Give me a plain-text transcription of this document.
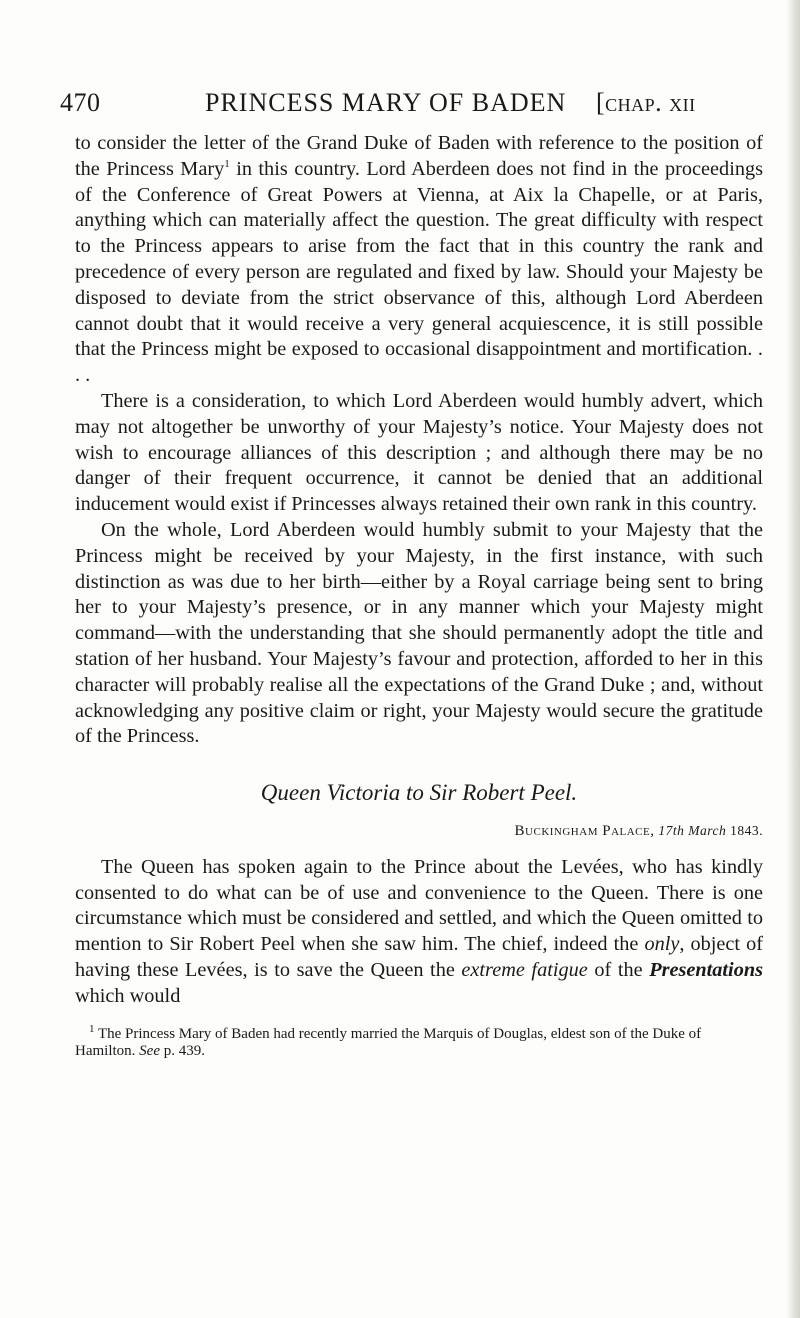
470	PRINCESS MARY OF BADEN [chap. xii

to consider the letter of the Grand Duke of Baden with reference to the position of the Princess Mary$^1$ in this country. Lord Aberdeen does not find in the proceedings of the Conference of Great Powers at Vienna, at Aix la Chapelle, or at Paris, anything which can materially affect the question. The great difficulty with respect to the Princess appears to arise from the fact that in this country the rank and precedence of every person are regulated and fixed by law. Should your Majesty be disposed to deviate from the strict observance of this, although Lord Aberdeen cannot doubt that it would receive a very general acquiescence, it is still possible that the Princess might be exposed to occasional disappointment and mortification. . . .

There is a consideration, to which Lord Aberdeen would humbly advert, which may not altogether be unworthy of your Majesty’s notice. Your Majesty does not wish to encourage alliances of this description ; and although there may be no danger of their frequent occurrence, it cannot be denied that an additional inducement would exist if Princesses always retained their own rank in this country.

On the whole, Lord Aberdeen would humbly submit to your Majesty that the Princess might be received by your Majesty, in the first instance, with such distinction as was due to her birth—either by a Royal carriage being sent to bring her to your Majesty’s presence, or in any manner which your Majesty might command—with the understanding that she should permanently adopt the title and station of her husband. Your Majesty’s favour and protection, afforded to her in this character will probably realise all the expectations of the Grand Duke ; and, without acknowledging any positive claim or right, your Majesty would secure the gratitude of the Princess.

Queen Victoria to Sir Robert Peel.
Buckingham Palace, 17th March 1843.

The Queen has spoken again to the Prince about the Levées, who has kindly consented to do what can be of use and convenience to the Queen. There is one circumstance which must be considered and settled, and which the Queen omitted to mention to Sir Robert Peel when she saw him. The chief, indeed the only, object of having these Levées, is to save the Queen the extreme fatigue of the Presentations which would

$^1$ The Princess Mary of Baden had recently married the Marquis of Douglas, eldest son of the Duke of Hamilton. See p. 439.
